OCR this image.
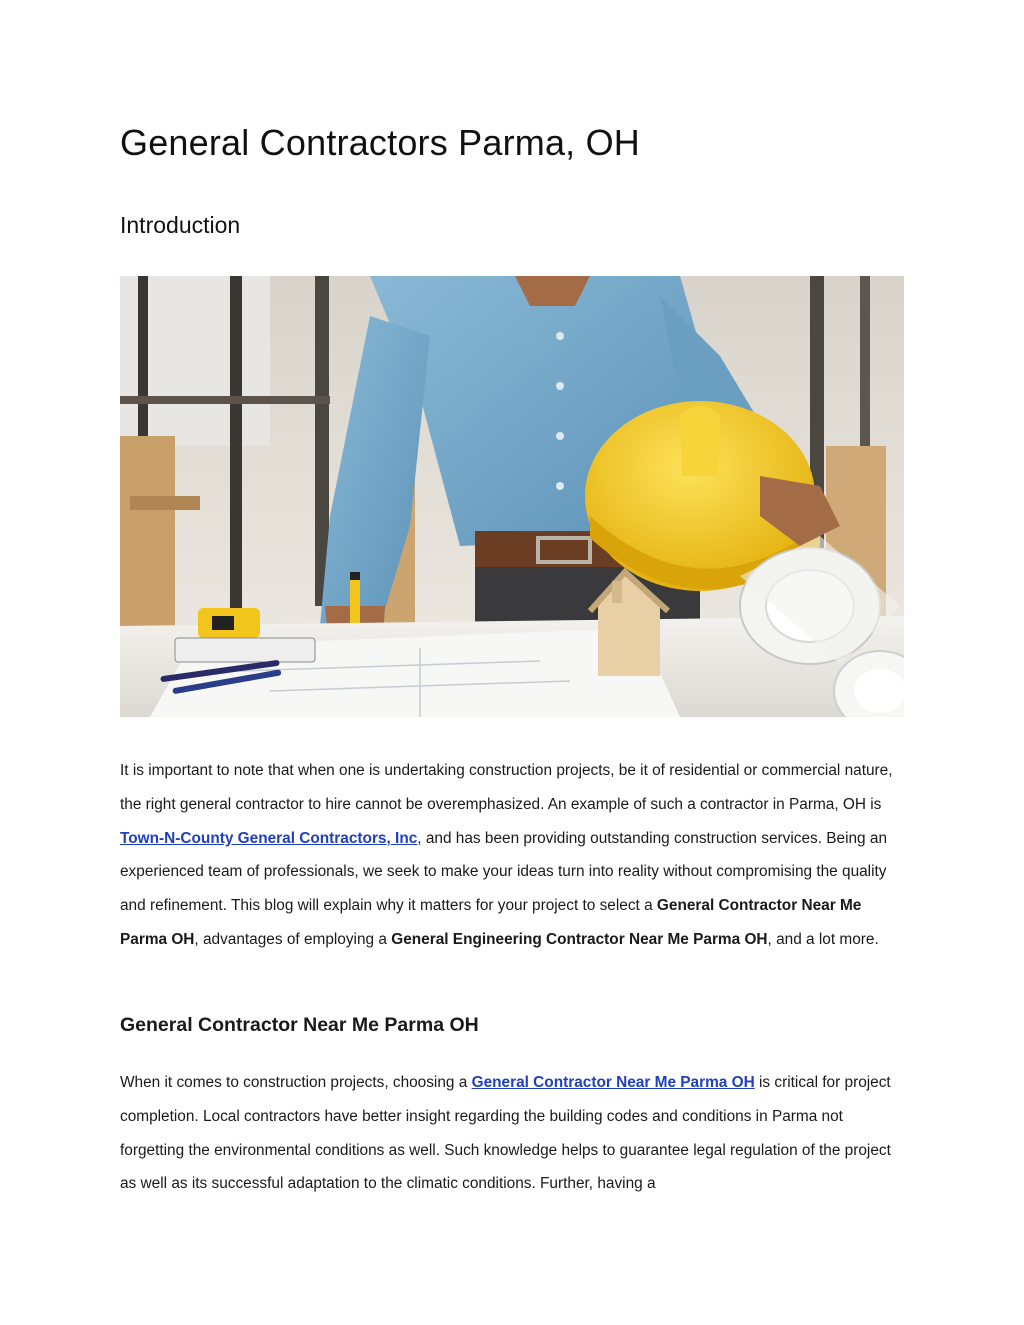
General Contractors Parma, OH
Introduction

It is important to note that when one is undertaking construction projects, be it of residential or commercial nature, the right general contractor to hire cannot be overemphasized. An example of such a contractor in Parma, OH is Town-N-County General Contractors, Inc, and has been providing outstanding construction services. Being an experienced team of professionals, we seek to make your ideas turn into reality without compromising the quality and refinement. This blog will explain why it matters for your project to select a General Contractor Near Me Parma OH, advantages of employing a General Engineering Contractor Near Me Parma OH, and a lot more.

General Contractor Near Me Parma OH

When it comes to construction projects, choosing a General Contractor Near Me Parma OH is critical for project completion. Local contractors have better insight regarding the building codes and conditions in Parma not forgetting the environmental conditions as well. Such knowledge helps to guarantee legal regulation of the project as well as its successful adaptation to the climatic conditions. Further, having a
